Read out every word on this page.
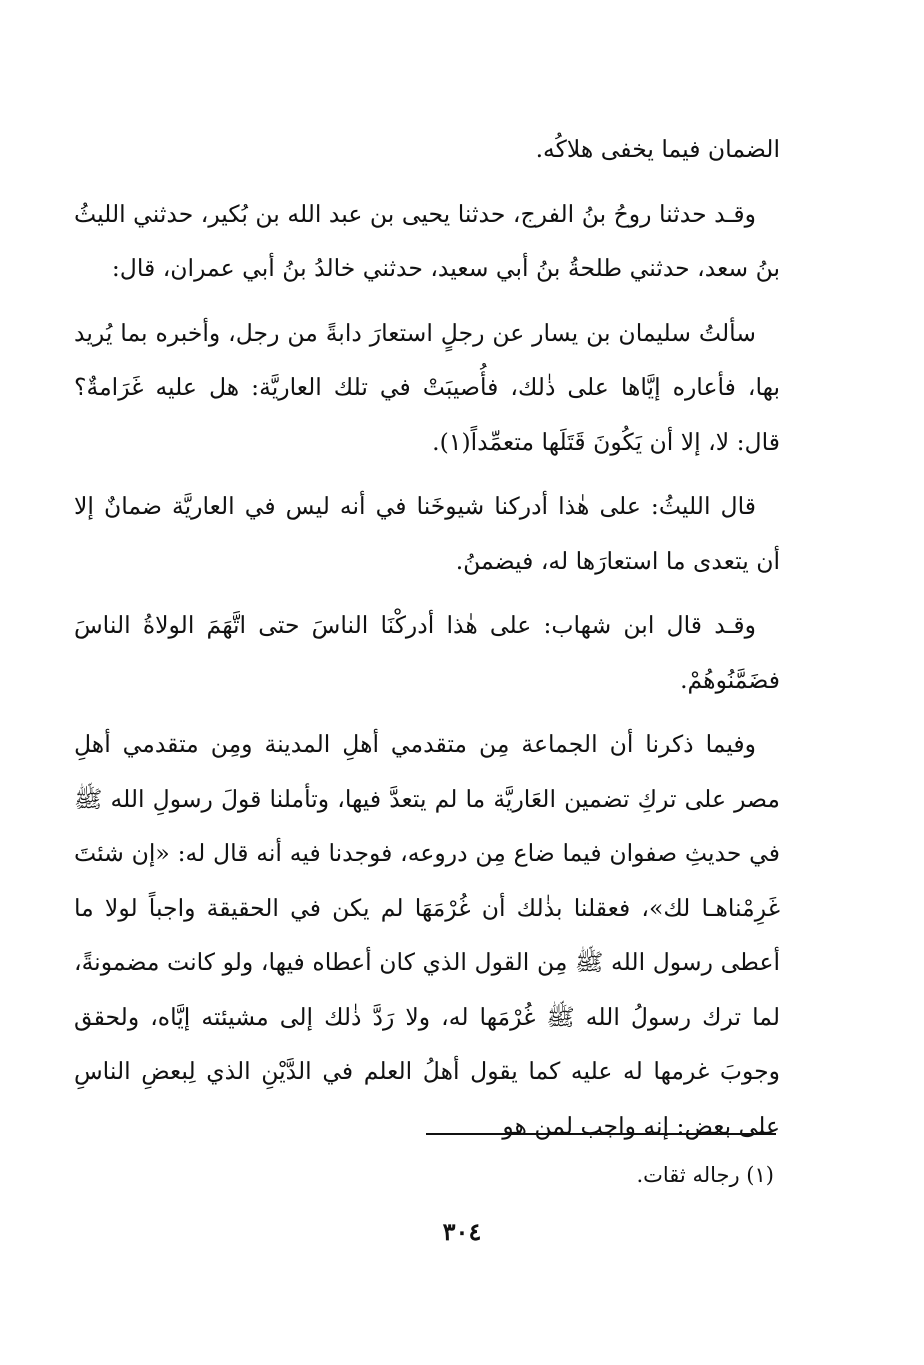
الضمان فيما يخفى هلاكُه.

وقـد حدثنا روحُ بنُ الفرج، حدثنا يحيى بن عبد الله بن بُكير، حدثني الليثُ بنُ سعد، حدثني طلحةُ بنُ أبي سعيد، حدثني خالدُ بنُ أبي عمران، قال:

سألتُ سليمان بن يسار عن رجلٍ استعارَ دابةً من رجل، وأخبره بما يُريد بها، فأعاره إيَّاها على ذٰلك، فأُصيبَتْ في تلك العاريَّة: هل عليه غَرَامةٌ؟ قال: لا، إلا أن يَكُونَ قَتَلَها متعمِّداً(١).

قال الليثُ: على هٰذا أدركنا شيوخَنا في أنه ليس في العاريَّة ضمانٌ إلا أن يتعدى ما استعارَها له، فيضمنُ.

وقـد قال ابن شهاب: على هٰذا أدركْنَا الناسَ حتى اتَّهَمَ الولاةُ الناسَ فضَمَّنُوهُمْ.

وفيما ذكرنا أن الجماعة مِن متقدمي أهلِ المدينة ومِن متقدمي أهلِ مصر على تركِ تضمين العَاريَّة ما لم يتعدَّ فيها، وتأملنا قولَ رسولِ الله ﷺ في حديثِ صفوان فيما ضاع مِن دروعه، فوجدنا فيه أنه قال له: «إن شئتَ غَرِمْناهـا لك»، فعقلنا بذٰلك أن غُرْمَهَا لم يكن في الحقيقة واجباً لولا ما أعطى رسول الله ﷺ مِن القول الذي كان أعطاه فيها، ولو كانت مضمونةً، لما ترك رسولُ الله ﷺ غُرْمَها له، ولا رَدَّ ذٰلك إلى مشيئته إيَّاه، ولحقق وجوبَ غرمها له عليه كما يقول أهلُ العلم في الدَّيْنِ الذي لِبعضِ الناسِ على بعض: إنه واجب لمن هو

(١) رجاله ثقات.
٣٠٤
